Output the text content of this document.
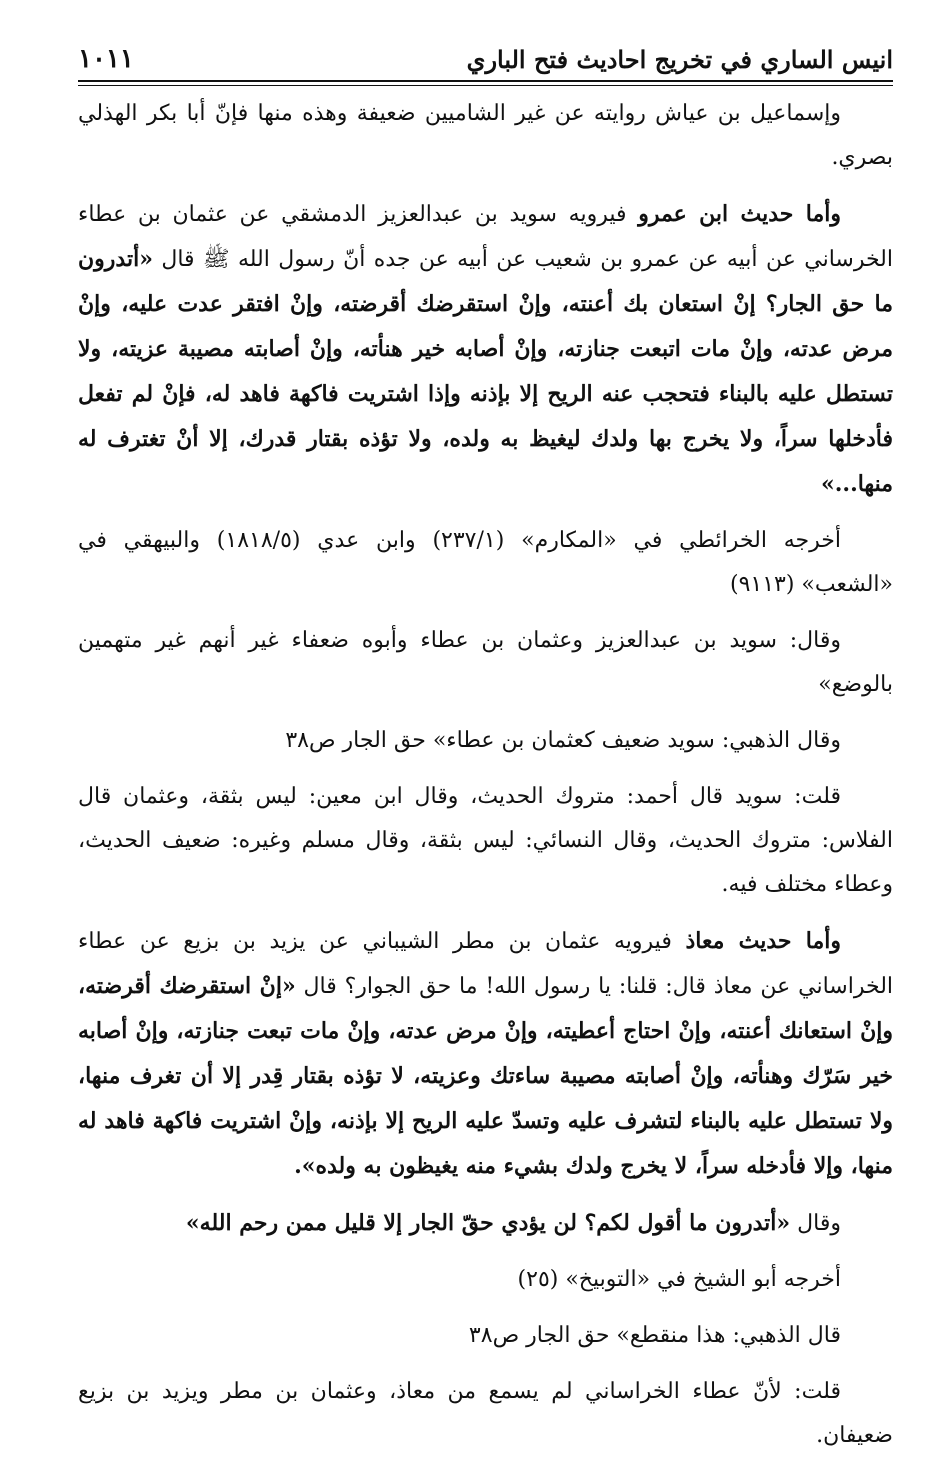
انيس الساري في تخريج احاديث فتح الباري
١٠١١

وإسماعيل بن عياش روايته عن غير الشاميين ضعيفة وهذه منها فإنّ أبا بكر الهذلي بصري.

وأما حديث ابن عمرو فيرويه سويد بن عبدالعزيز الدمشقي عن عثمان بن عطاء الخرساني عن أبيه عن عمرو بن شعيب عن أبيه عن جده أنّ رسول الله ﷺ قال «أتدرون ما حق الجار؟ إنْ استعان بك أعنته، وإنْ استقرضك أقرضته، وإنْ افتقر عدت عليه، وإنْ مرض عدته، وإنْ مات اتبعت جنازته، وإنْ أصابه خير هنأته، وإنْ أصابته مصيبة عزيته، ولا تستطل عليه بالبناء فتحجب عنه الريح إلا بإذنه وإذا اشتريت فاكهة فاهد له، فإنْ لم تفعل فأدخلها سراً، ولا يخرج بها ولدك ليغيظ به ولده، ولا تؤذه بقتار قدرك، إلا أنْ تغترف له منها...»

أخرجه الخرائطي في «المكارم» (٢٣٧/١) وابن عدي (١٨١٨/٥) والبيهقي في «الشعب» (٩١١٣)

وقال: سويد بن عبدالعزيز وعثمان بن عطاء وأبوه ضعفاء غير أنهم غير متهمين بالوضع»

وقال الذهبي: سويد ضعيف كعثمان بن عطاء» حق الجار ص٣٨

قلت: سويد قال أحمد: متروك الحديث، وقال ابن معين: ليس بثقة، وعثمان قال الفلاس: متروك الحديث، وقال النسائي: ليس بثقة، وقال مسلم وغيره: ضعيف الحديث، وعطاء مختلف فيه.

وأما حديث معاذ فيرويه عثمان بن مطر الشيباني عن يزيد بن بزيع عن عطاء الخراساني عن معاذ قال: قلنا: يا رسول الله! ما حق الجوار؟ قال «إنْ استقرضك أقرضته، وإنْ استعانك أعنته، وإنْ احتاج أعطيته، وإنْ مرض عدته، وإنْ مات تبعت جنازته، وإنْ أصابه خير سَرّك وهنأته، وإنْ أصابته مصيبة ساءتك وعزيته، لا تؤذه بقتار قِدر إلا أن تغرف منها، ولا تستطل عليه بالبناء لتشرف عليه وتسدّ عليه الريح إلا بإذنه، وإنْ اشتريت فاكهة فاهد له منها، وإلا فأدخله سراً، لا يخرج ولدك بشيء منه يغيظون به ولده».

وقال «أتدرون ما أقول لكم؟ لن يؤدي حقّ الجار إلا قليل ممن رحم الله»

أخرجه أبو الشيخ في «التوبيخ» (٢٥)

قال الذهبي: هذا منقطع» حق الجار ص٣٨

قلت: لأنّ عطاء الخراساني لم يسمع من معاذ، وعثمان بن مطر ويزيد بن بزيع ضعيفان.
